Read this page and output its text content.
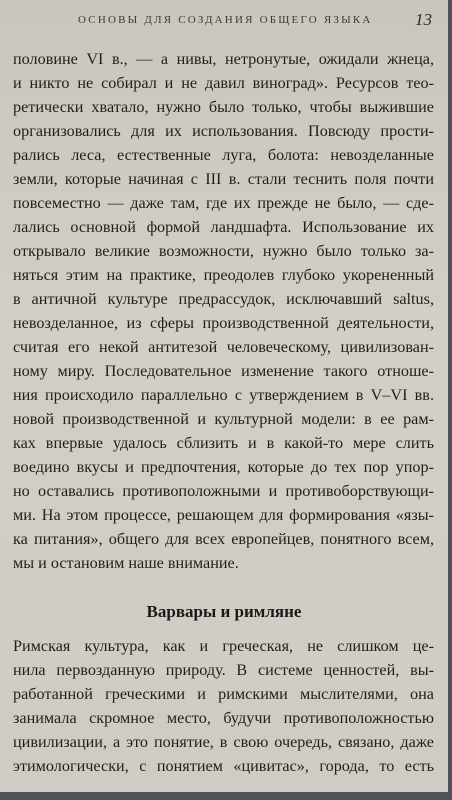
ОСНОВЫ ДЛЯ СОЗДАНИЯ ОБЩЕГО ЯЗЫКА	13
половине VI в., — а нивы, нетронутые, ожидали жнеца,
и никто не собирал и не давил виноград». Ресурсов тео-
ретически хватало, нужно было только, чтобы выжившие
организовались для их использования. Повсюду прости-
рались леса, естественные луга, болота: невозделанные
земли, которые начиная с III в. стали теснить поля почти
повсеместно — даже там, где их прежде не было, — сде-
лались основной формой ландшафта. Использование их
открывало великие возможности, нужно было только за-
няться этим на практике, преодолев глубоко укорененный
в античной культуре предрассудок, исключавший saltus,
невозделанное, из сферы производственной деятельности,
считая его некой антитезой человеческому, цивилизован-
ному миру. Последовательное изменение такого отноше-
ния происходило параллельно с утверждением в V–VI вв.
новой производственной и культурной модели: в ее рам-
ках впервые удалось сблизить и в какой-то мере слить
воедино вкусы и предпочтения, которые до тех пор упор-
но оставались противоположными и противоборствующи-
ми. На этом процессе, решающем для формирования «язы-
ка питания», общего для всех европейцев, понятного всем,
мы и остановим наше внимание.
Варвары и римляне
Римская культура, как и греческая, не слишком це-
нила первозданную природу. В системе ценностей, вы-
работанной греческими и римскими мыслителями, она
занимала скромное место, будучи противоположностью
цивилизации, а это понятие, в свою очередь, связано, даже
этимологически, с понятием «цивитас», города, то есть
